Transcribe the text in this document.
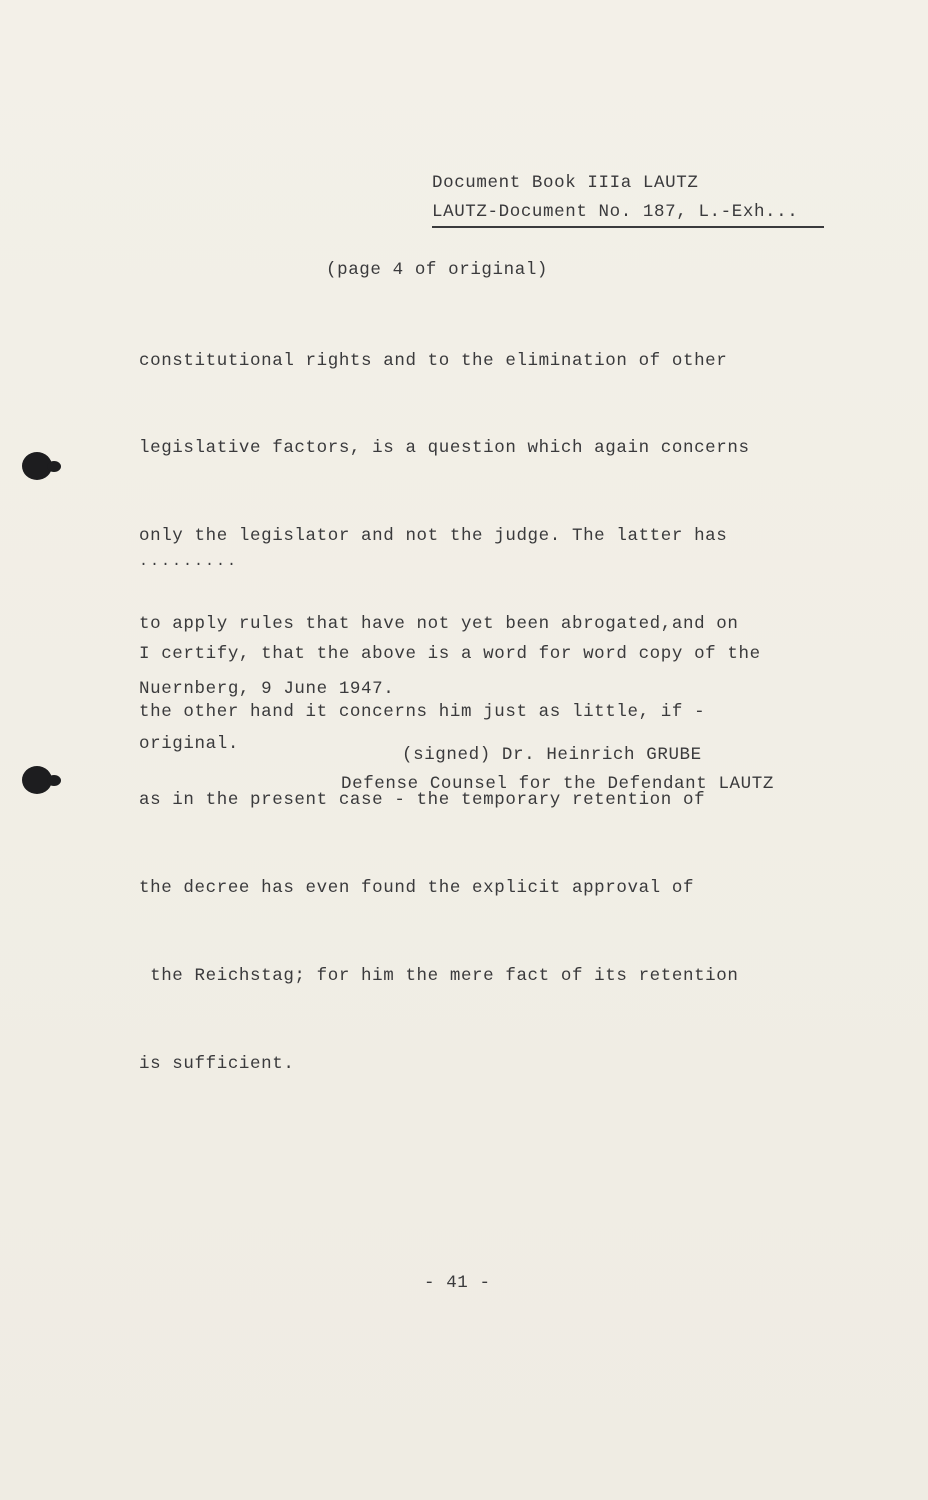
Document Book IIIa LAUTZ
LAUTZ-Document No. 187, L.-Exh...
(page 4 of original)

constitutional rights and to the elimination of other

legislative factors, is a question which again concerns

only the legislator and not the judge. The latter has

to apply rules that have not yet been abrogated,and on

the other hand it concerns him just as little, if -

as in the present case - the temporary retention of

the decree has even found the explicit approval of

the Reichstag; for him the mere fact of its retention

is sufficient.

.........

I certify, that the above is a word for word copy of the

original.

Nuernberg, 9 June 1947.
(signed) Dr. Heinrich GRUBE
Defense Counsel for the Defendant LAUTZ
- 41 -
